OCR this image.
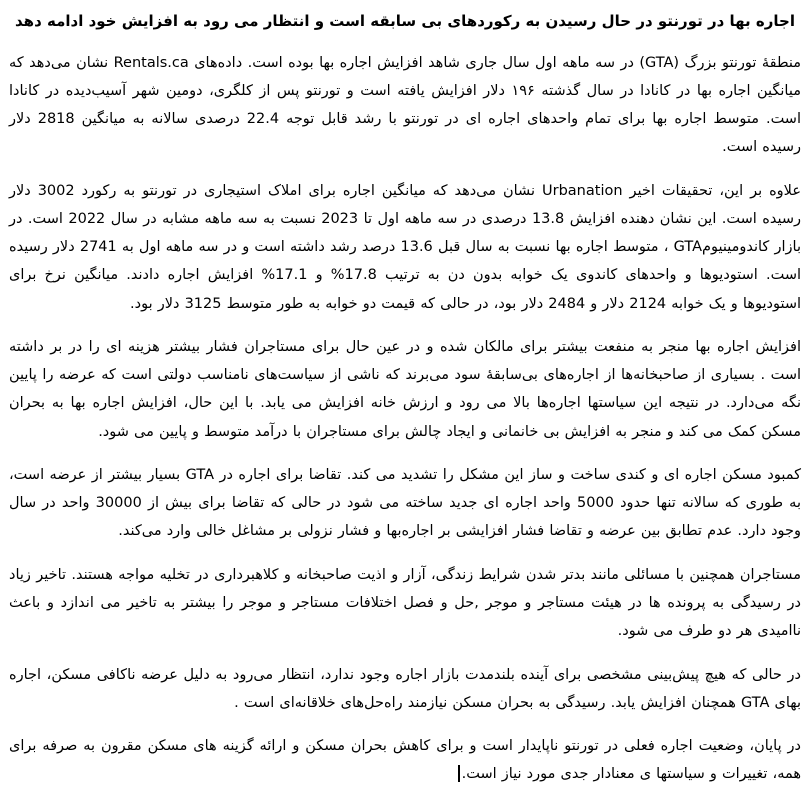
اجاره بها در تورنتو در حال رسیدن به رکوردهای بی سابقه است و انتظار می رود به افزایش خود ادامه دهد

منطقهٔ تورنتو بزرگ (GTA) در سه ماهه اول سال جاری شاهد افزایش اجاره بها بوده است. داده‌های Rentals.ca نشان می‌دهد که میانگین اجاره بها در کانادا در سال گذشته ۱۹۶ دلار افزایش یافته است و تورنتو پس از کلگری، دومین شهر آسیب‌دیده در کانادا است. متوسط اجاره بها برای تمام واحدهای اجاره ای در تورنتو با رشد قابل توجه 22.4 درصدی سالانه به میانگین 2818 دلار رسیده است.

علاوه بر این، تحقیقات اخیر Urbanation نشان می‌دهد که میانگین اجاره برای املاک استیجاری در تورنتو به رکورد 3002 دلار رسیده است. این نشان دهنده افزایش 13.8 درصدی در سه ماهه اول تا 2023 نسبت به سه ماهه مشابه در سال 2022 است. در بازار کاندومینیومGTA ، متوسط اجاره بها نسبت به سال قبل 13.6 درصد رشد داشته است و در سه ماهه اول به 2741 دلار رسیده است. استودیوها و واحدهای کاندوی یک خوابه بدون دن به ترتیب 17.8% و 17.1% افزایش اجاره دادند. میانگین نرخ برای استودیوها و یک خوابه 2124 دلار و 2484 دلار بود، در حالی که قیمت دو خوابه به طور متوسط 3125 دلار بود.

افزایش اجاره بها منجر به منفعت بیشتر برای مالکان شده و در عین حال برای مستاجران فشار بیشتر هزینه ای را در بر داشته است . بسیاری از صاحبخانه‌ها از اجاره‌های بی‌سابقهٔ سود می‌برند که ناشی از سیاست‌های نامناسب دولتی است که عرضه را پایین نگه می‌دارد. در نتیجه این سیاستها اجاره‌ها بالا می رود و ارزش خانه افزایش می یابد. با این حال، افزایش اجاره بها به بحران مسکن کمک می کند و منجر به افزایش بی خانمانی و ایجاد چالش برای مستاجران با درآمد متوسط و پایین می شود.

کمبود مسکن اجاره ای و کندی ساخت و ساز این مشکل را تشدید می کند. تقاضا برای اجاره در GTA بسیار بیشتر از عرضه است، به طوری که سالانه تنها حدود 5000 واحد اجاره ای جدید ساخته می شود در حالی که تقاضا برای بیش از 30000 واحد در سال وجود دارد. عدم تطابق بین عرضه و تقاضا فشار افزایشی بر اجاره‌بها و فشار نزولی بر مشاغل خالی وارد می‌کند.

مستاجران همچنین با مسائلی مانند بدتر شدن شرایط زندگی، آزار و اذیت صاحبخانه و کلاهبرداری در تخلیه مواجه هستند. تاخیر زیاد در رسیدگی به پرونده ها در هیئت مستاجر و موجر ,حل و فصل اختلافات مستاجر و موجر را بیشتر به تاخیر می اندازد و باعث ناامیدی هر دو طرف می شود.

در حالی که هیچ پیش‌بینی مشخصی برای آینده بلندمدت بازار اجاره وجود ندارد، انتظار می‌رود به دلیل عرضه ناکافی مسکن، اجاره بهای GTA همچنان افزایش یابد. رسیدگی به بحران مسکن نیازمند راه‌حل‌های خلاقانه‌ای است .

در پایان، وضعیت اجاره فعلی در تورنتو ناپایدار است و برای کاهش بحران مسکن و ارائه گزینه های مسکن مقرون به صرفه برای همه، تغییرات و سیاستها ی معنادار جدی مورد نیاز است.
